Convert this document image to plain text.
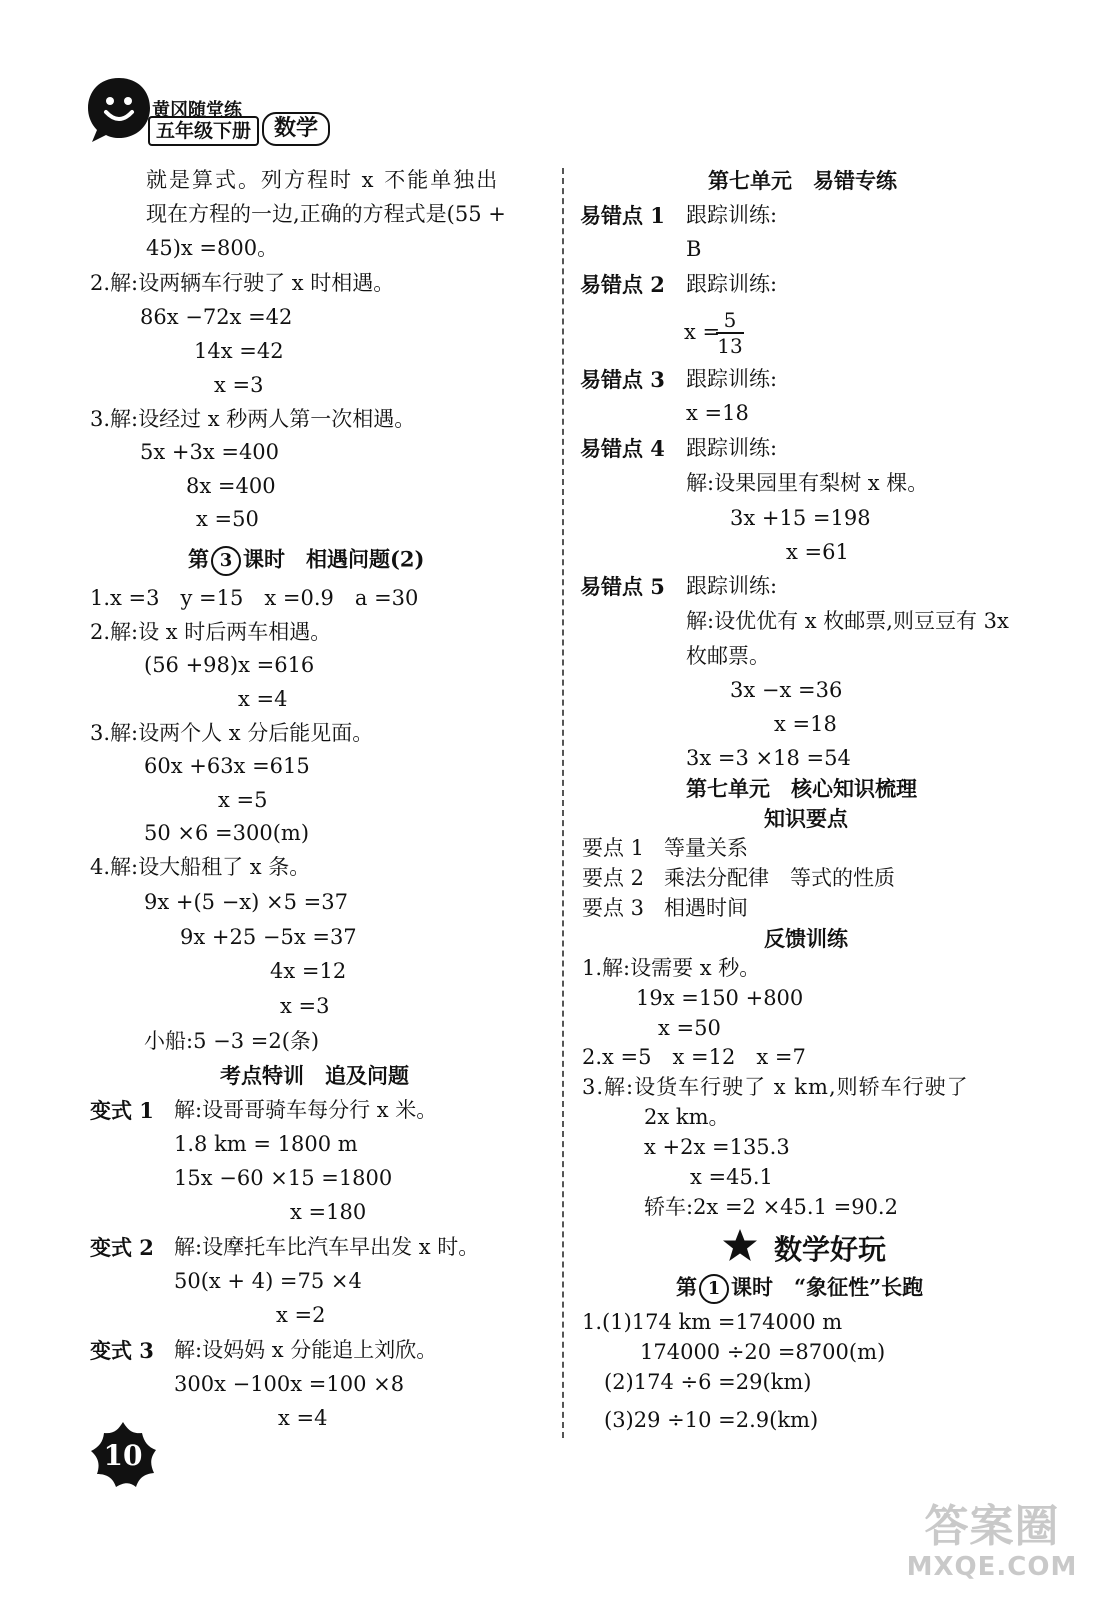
黄冈随堂练
五年级下册	数学
就是算式。列方程时 x 不能单独出
现在方程的一边,正确的方程式是(55 +
45)x =800。
2.解:设两辆车行驶了 x 时相遇。
86x −72x =42
14x =42
x =3
3.解:设经过 x 秒两人第一次相遇。
5x +3x =400
8x =400
x =50
第 3 课时　相遇问题(2)
1.x =3　y =15　x =0.9　a =30
2.解:设 x 时后两车相遇。
(56 +98)x =616
x =4
3.解:设两个人 x 分后能见面。
60x +63x =615
x =5
50 ×6 =300(m)
4.解:设大船租了 x 条。
9x +(5 −x) ×5 =37
9x +25 −5x =37
4x =12
x =3
小船:5 −3 =2(条)
考点特训　追及问题
变式 1 解:设哥哥骑车每分行 x 米。
1.8 km = 1800 m
15x −60 ×15 =1800
x =180
变式 2 解:设摩托车比汽车早出发 x 时。
50(x + 4) =75 ×4
x =2
变式 3 解:设妈妈 x 分能追上刘欣。
300x −100x =100 ×8
x =4
第七单元　易错专练
易错点 1 跟踪训练:
B
易错点 2 跟踪训练:
x = 5
13
易错点 3 跟踪训练:
x =18
易错点 4 跟踪训练:
解:设果园里有梨树 x 棵。
3x +15 =198
x =61
易错点 5 跟踪训练:
解:设优优有 x 枚邮票,则豆豆有 3x
枚邮票。
3x −x =36
x =18
3x =3 ×18 =54
第七单元　核心知识梳理
知识要点
要点 1 等量关系
要点 2 乘法分配律　等式的性质
要点 3 相遇时间
反馈训练
1.解:设需要 x 秒。
19x =150 +800
x =50
2.x =5　x =12　x =7
3.解:设货车行驶了 x km,则轿车行驶了
2x km。
x +2x =135.3
x =45.1
轿车:2x =2 ×45.1 =90.2
数学好玩
第 1 课时　“象征性”长跑
1.(1)174 km =174000 m
174000 ÷20 =8700(m)
(2)174 ÷6 =29(km)
(3)29 ÷10 =2.9(km)
10
答案圈
MXQE.COM
